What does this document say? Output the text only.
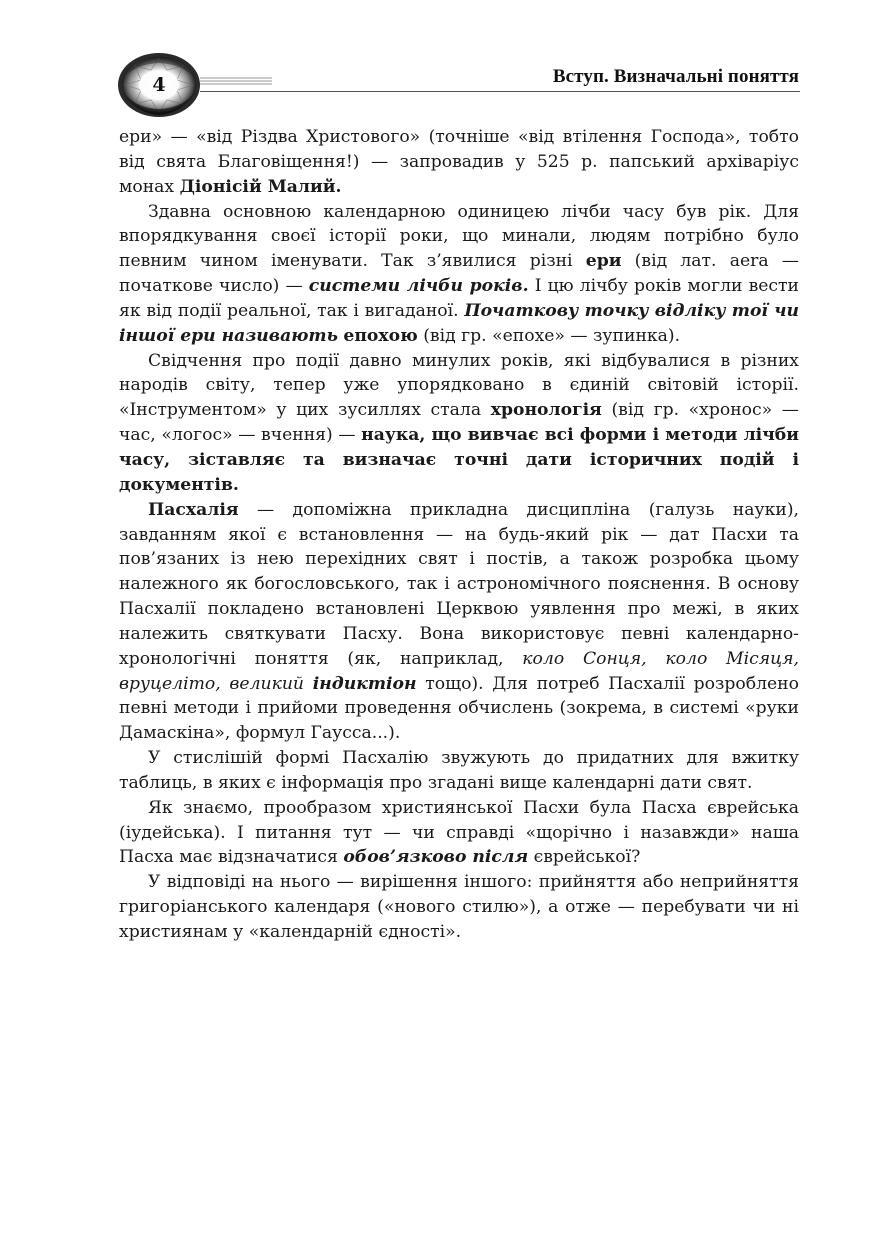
4	Вступ. Визначальні поняття

ери» — «від Різдва Христового» (точніше «від втілення Господа», тобто від свята Благовіщення!) — запровадив у 525 р. папський архіваріус монах Діонісій Малий.

Здавна основною календарною одиницею лічби часу був рік. Для впорядкування своєї історії роки, що минали, людям потрібно було певним чином іменувати. Так з’явилися різні ери (від лат. aera — початкове число) — системи лічби років. І цю лічбу років могли вести як від події реальної, так і вигаданої. Початкову точку відліку тої чи іншої ери називають епохою (від гр. «епохе» — зупинка).

Свідчення про події давно минулих років, які відбувалися в різних народів світу, тепер уже упорядковано в єдиній світовій історії. «Інструментом» у цих зусиллях стала хронологія (від гр. «хронос» — час, «логос» — вчення) — наука, що вивчає всі форми і методи лічби часу, зіставляє та визначає точні дати історичних подій і документів.

Пасхалія — допоміжна прикладна дисципліна (галузь науки), завданням якої є встановлення — на будь-який рік — дат Пасхи та пов’язаних із нею перехідних свят і постів, а також розробка цьому належного як богословського, так і астрономічного пояснення. В основу Пасхалії покладено встановлені Церквою уявлення про межі, в яких належить святкувати Пасху. Вона використовує певні календарно-хронологічні поняття (як, наприклад, коло Сонця, коло Місяця, вруцеліто, великий індиктіон тощо). Для потреб Пасхалії розроблено певні методи і прийоми проведення обчислень (зокрема, в системі «руки Дамаскіна», формул Гаусса...).

У стислішій формі Пасхалію звужують до придатних для вжитку таблиць, в яких є інформація про згадані вище календарні дати свят.

Як знаємо, прообразом християнської Пасхи була Пасха єврейська (іудейська). І питання тут — чи справді «щорічно і назавжди» наша Пасха має відзначатися обов’язково після єврейської?

У відповіді на нього — вирішення іншого: прийняття або неприйняття григоріанського календаря («нового стилю»), а отже — перебувати чи ні християнам у «календарній єдності».
